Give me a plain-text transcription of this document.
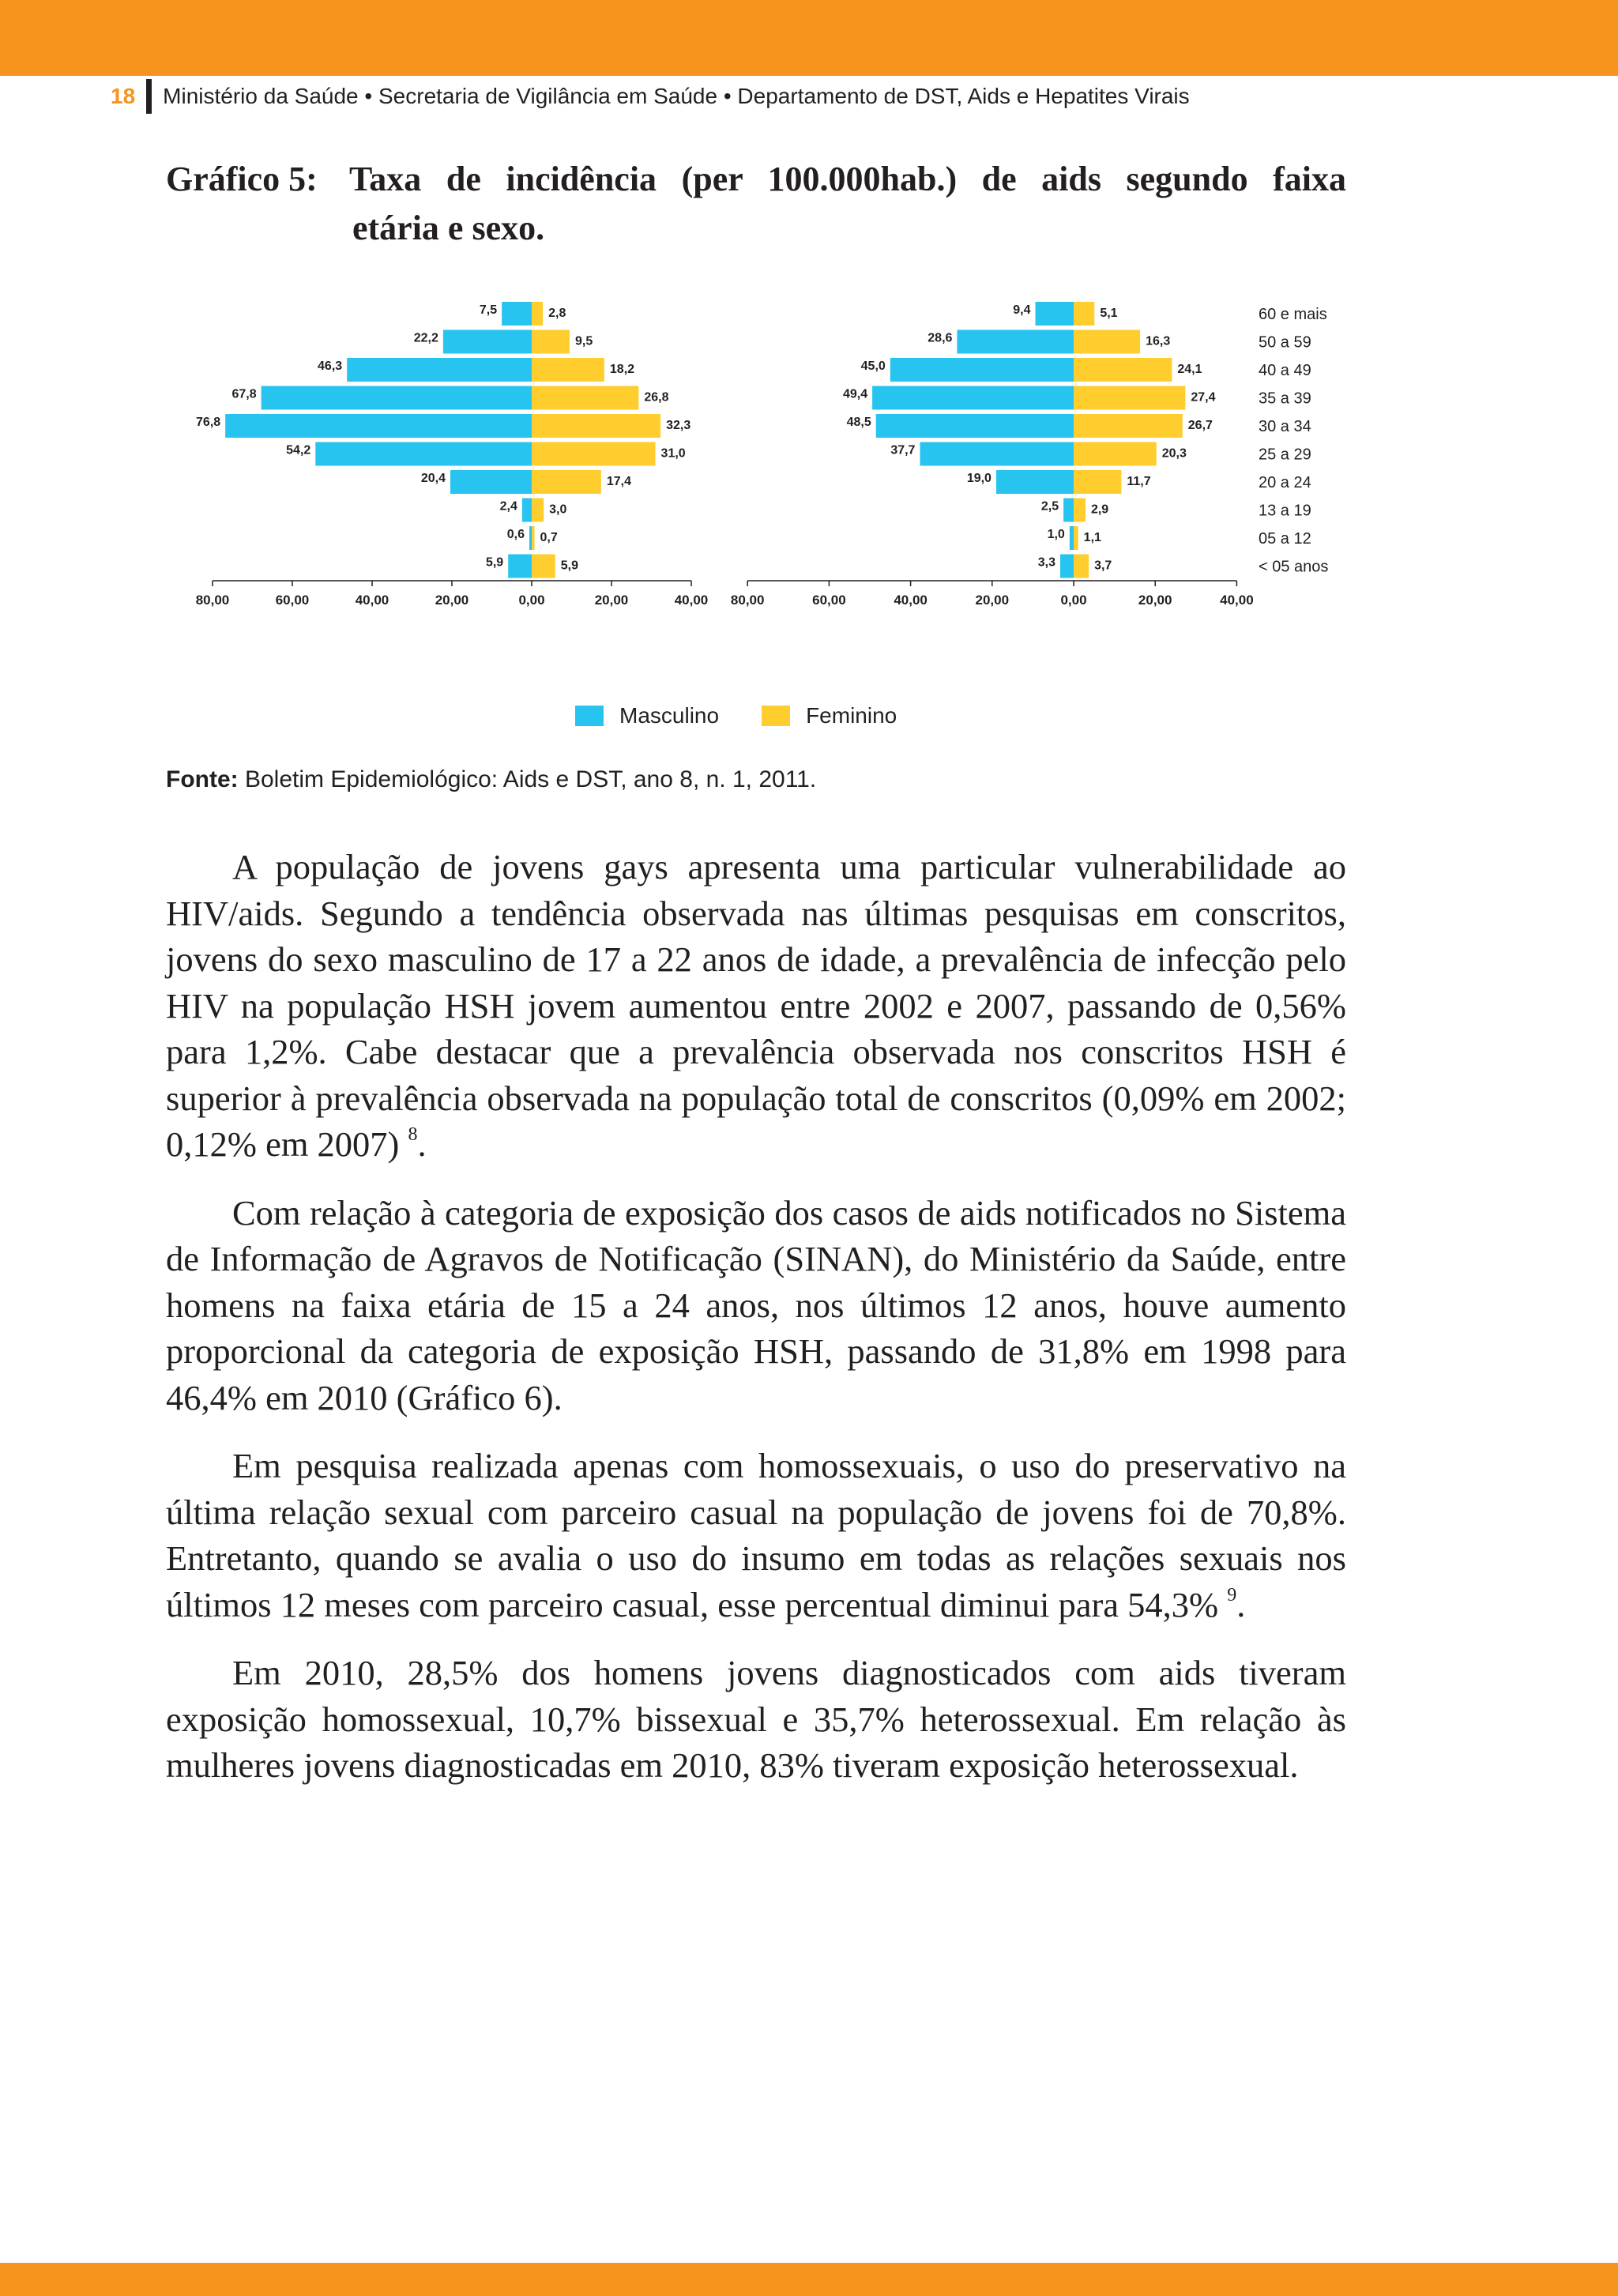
18 Ministério da Saúde • Secretaria de Vigilância em Saúde • Departamento de DST, Aids e Hepatites Virais
Gráfico 5: Taxa de incidência (per 100.000hab.) de aids segundo faixa
etária e sexo.
80,00	60,00	40,00	20,00	0,00	20,00	40,00
7,5	2,8
22,2	9,5
46,3	18,2
67,8	26,8
76,8	32,3
54,2	31,0
20,4	17,4
2,4	3,0
0,6 0,7
5,9	5,9
80,00	60,00	40,00	20,00	0,00	20,00	40,00
9,4	5,1	60 e mais
28,6	16,3	50 a 59
45,0	24,1	40 a 49
49,4	27,4	35 a 39
48,5	26,7	30 a 34
37,7	20,3	25 a 29
19,0	11,7	20 a 24
2,5	2,9	13 a 19
1,0 1,1	05 a 12
3,3	3,7	< 05 anos
Masculino	Feminino
Fonte: Boletim Epidemiológico: Aids e DST, ano 8, n. 1, 2011.

A população de jovens gays apresenta uma particular vulnerabilidade ao HIV/aids. Segundo a tendência observada nas últimas pesquisas em conscritos, jovens do sexo masculino de 17 a 22 anos de idade, a prevalência de infecção pelo HIV na população HSH jovem aumentou entre 2002 e 2007, passando de 0,56% para 1,2%. Cabe destacar que a prevalência observada nos conscritos HSH é superior à prevalência observada na população total de conscritos (0,09% em 2002; 0,12% em 2007) $^8$.

Com relação à categoria de exposição dos casos de aids notificados no Sistema de Informação de Agravos de Notificação (SINAN), do Ministério da Saúde, entre homens na faixa etária de 15 a 24 anos, nos últimos 12 anos, houve aumento proporcional da categoria de exposição HSH, passando de 31,8% em 1998 para 46,4% em 2010 (Gráfico 6).

Em pesquisa realizada apenas com homossexuais, o uso do preservativo na última relação sexual com parceiro casual na população de jovens foi de 70,8%. Entretanto, quando se avalia o uso do insumo em todas as relações sexuais nos últimos 12 meses com parceiro casual, esse percentual diminui para 54,3% $^9$.

Em 2010, 28,5% dos homens jovens diagnosticados com aids tiveram exposição homossexual, 10,7% bissexual e 35,7% heterossexual. Em relação às mulheres jovens diagnosticadas em 2010, 83% tiveram exposição heterossexual.
